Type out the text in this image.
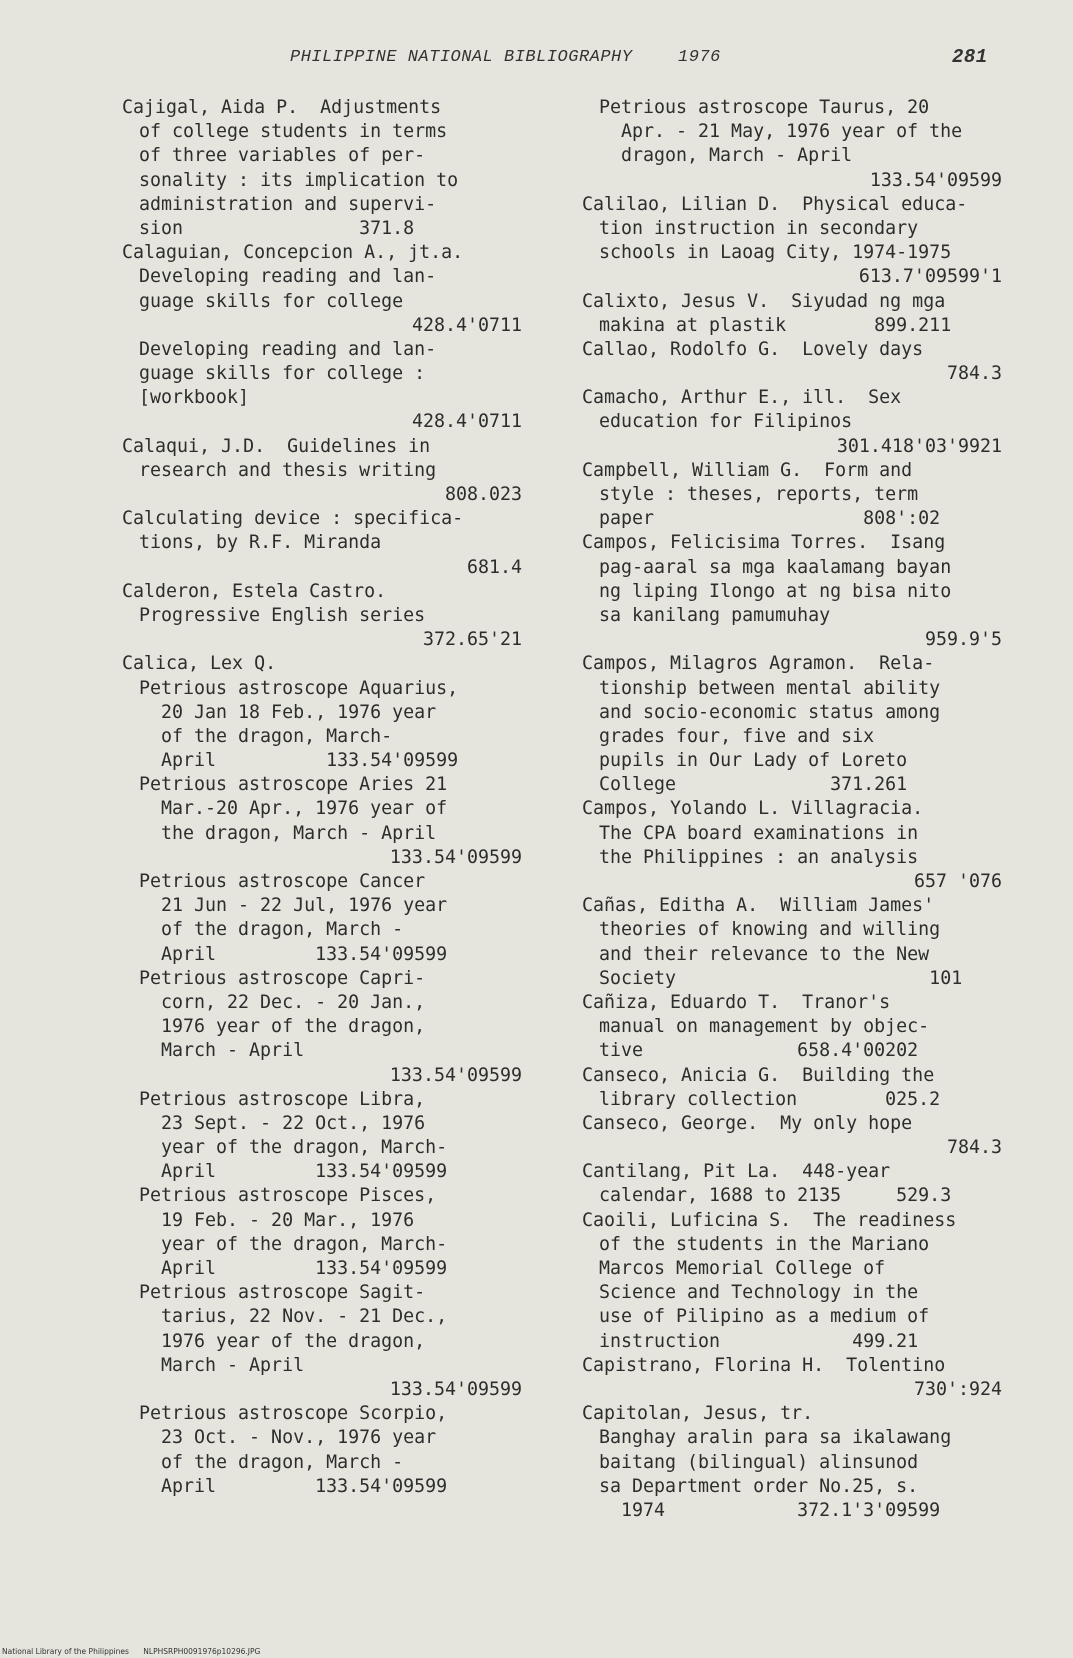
PHILIPPINE NATIONAL BIBLIOGRAPHY	1976	281
Cajigal, Aida P.  Adjustments
of college students in terms
of three variables of per-
sonality : its implication to
administration and supervi-
sion                371.8
Calaguian, Concepcion A., jt.a.
Developing reading and lan-
guage skills for college
428.4'0711
Developing reading and lan-
guage skills for college :
[workbook]
428.4'0711
Calaqui, J.D.  Guidelines in
research and thesis writing
808.023
Calculating device : specifica-
tions, by R.F. Miranda
681.4
Calderon, Estela Castro.
Progressive English series
372.65'21
Calica, Lex Q.
Petrious astroscope Aquarius,
20 Jan 18 Feb., 1976 year
of the dragon, March-
April          133.54'09599
Petrious astroscope Aries 21
Mar.-20 Apr., 1976 year of
the dragon, March - April
133.54'09599
Petrious astroscope Cancer
21 Jun - 22 Jul, 1976 year
of the dragon, March -
April         133.54'09599
Petrious astroscope Capri-
corn, 22 Dec. - 20 Jan.,
1976 year of the dragon,
March - April
133.54'09599
Petrious astroscope Libra,
23 Sept. - 22 Oct., 1976
year of the dragon, March-
April         133.54'09599
Petrious astroscope Pisces,
19 Feb. - 20 Mar., 1976
year of the dragon, March-
April         133.54'09599
Petrious astroscope Sagit-
tarius, 22 Nov. - 21 Dec.,
1976 year of the dragon,
March - April
133.54'09599
Petrious astroscope Scorpio,
23 Oct. - Nov., 1976 year
of the dragon, March -
April         133.54'09599
Petrious astroscope Taurus, 20
Apr. - 21 May, 1976 year of the
dragon, March - April
133.54'09599
Calilao, Lilian D.  Physical educa-
tion instruction in secondary
schools in Laoag City, 1974-1975
613.7'09599'1
Calixto, Jesus V.  Siyudad ng mga
makina at plastik        899.211
Callao, Rodolfo G.  Lovely days
784.3
Camacho, Arthur E., ill.  Sex
education for Filipinos
301.418'03'9921
Campbell, William G.  Form and
style : theses, reports, term
paper                   808':02
Campos, Felicisima Torres.  Isang
pag-aaral sa mga kaalamang bayan
ng liping Ilongo at ng bisa nito
sa kanilang pamumuhay
959.9'5
Campos, Milagros Agramon.  Rela-
tionship between mental ability
and socio-economic status among
grades four, five and six
pupils in Our Lady of Loreto
College              371.261
Campos, Yolando L. Villagracia.
The CPA board examinations in
the Philippines : an analysis
657 '076
Cañas, Editha A.  William James'
theories of knowing and willing
and their relevance to the New
Society                       101
Cañiza, Eduardo T.  Tranor's
manual on management by objec-
tive              658.4'00202
Canseco, Anicia G.  Building the
library collection        025.2
Canseco, George.  My only hope
784.3
Cantilang, Pit La.  448-year
calendar, 1688 to 2135     529.3
Caoili, Luficina S.  The readiness
of the students in the Mariano
Marcos Memorial College of
Science and Technology in the
use of Pilipino as a medium of
instruction            499.21
Capistrano, Florina H.  Tolentino
730':924
Capitolan, Jesus, tr.
Banghay aralin para sa ikalawang
baitang (bilingual) alinsunod
sa Department order No.25, s.
1974            372.1'3'09599
National Library of the Philippines NLPHSRPH0091976p10296.JPG
